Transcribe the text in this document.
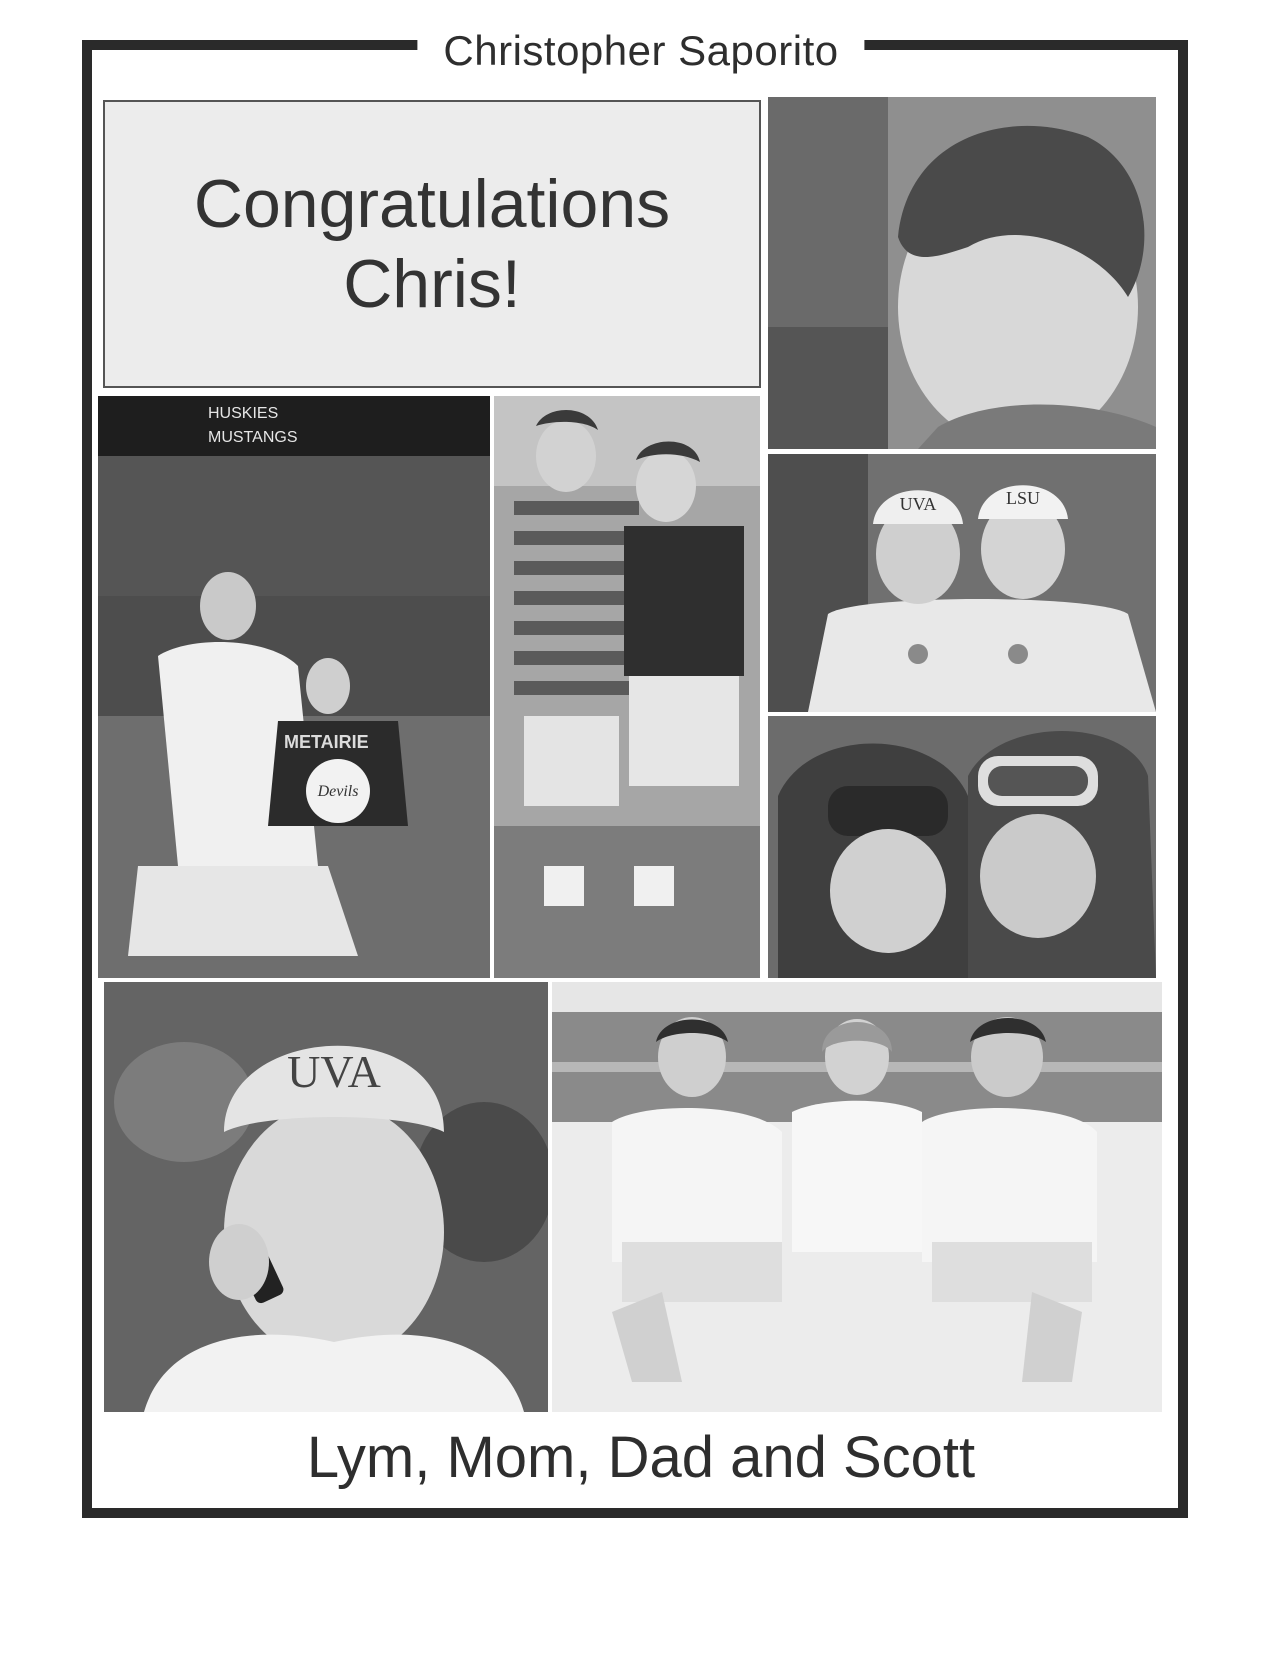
Christopher Saporito
Congratulations
Chris!
HUSKIES
MUSTANGS
METAIRIE
Devils
UVA	LSU
UVA
Lym, Mom, Dad and Scott
